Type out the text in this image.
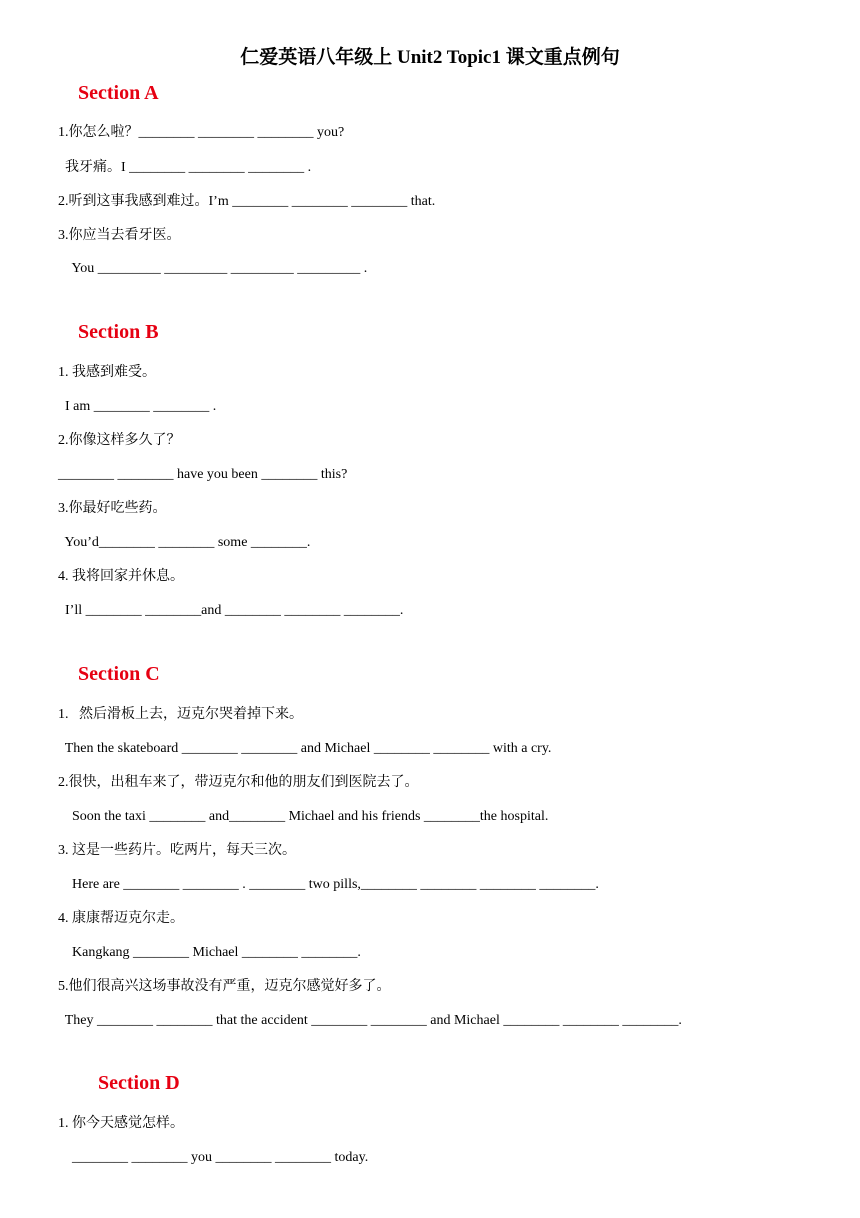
仁爱英语八年级上 Unit2 Topic1 课文重点例句
Section A
1.你怎么啦？________ ________ ________ you?
我牙痛。I ________ ________ ________ .
2.听到这事我感到难过。I’m ________ ________ ________ that.
3.你应当去看牙医。
You _________ _________ _________ _________ .
Section B
1. 我感到难受。
I am ________ ________ .
2.你像这样多久了？
________ ________ have you been ________ this?
3.你最好吃些药。
You’d________ ________ some ________.
4. 我将回家并休息。
I’ll ________ ________and ________ ________ ________.
Section C
1.   然后滑板上去，迈克尔哭着掉下来。
Then the skateboard ________ ________ and Michael ________ ________ with a cry.
2.很快，出租车来了，带迈克尔和他的朋友们到医院去了。
Soon the taxi ________ and________ Michael and his friends ________the hospital.
3. 这是一些药片。吃两片，每天三次。
Here are ________ ________ . ________ two pills,________ ________ ________ ________.
4. 康康帮迈克尔走。
Kangkang ________ Michael ________ ________.
5.他们很高兴这场事故没有严重，迈克尔感觉好多了。
They ________ ________ that the accident ________ ________ and Michael ________ ________ ________.
Section D
1. 你今天感觉怎样。
________ ________ you ________ ________ today.
